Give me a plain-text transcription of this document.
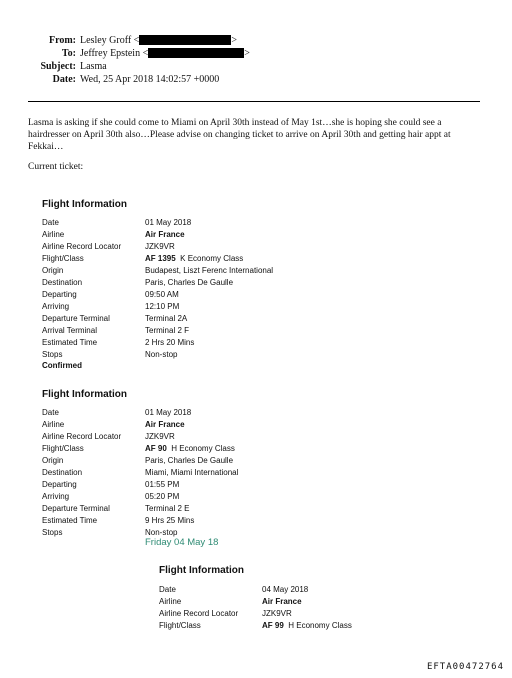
From: Lesley Groff <	>
To: Jeffrey Epstein <	>
Subject: Lasma
Date: Wed, 25 Apr 2018 14:02:57 +0000
Lasma is asking if she could come to Miami on April 30th instead of May 1st…she is hoping she could see a hairdresser on April 30th also…Please advise on changing ticket to arrive on April 30th and getting hair appt at Fekkai…
Current ticket:
Flight Information
Date	01 May 2018
Airline	Air France
Airline Record Locator	JZK9VR
Flight/Class	AF 1395 K Economy Class
Origin	Budapest, Liszt Ferenc International
Destination	Paris, Charles De Gaulle
Departing	09:50 AM
Arriving	12:10 PM
Departure Terminal	Terminal 2A
Arrival Terminal	Terminal 2 F
Estimated Time	2 Hrs 20 Mins
Stops	Non-stop
Confirmed
Flight Information
Date	01 May 2018
Airline	Air France
Airline Record Locator	JZK9VR
Flight/Class	AF 90 H Economy Class
Origin	Paris, Charles De Gaulle
Destination	Miami, Miami International
Departing	01:55 PM
Arriving	05:20 PM
Departure Terminal	Terminal 2 E
Estimated Time	9 Hrs 25 Mins
Stops	Non-stop
Friday 04 May 18
Flight Information
Date	04 May 2018
Airline	Air France
Airline Record Locator	JZK9VR
Flight/Class	AF 99 H Economy Class
EFTA00472764
